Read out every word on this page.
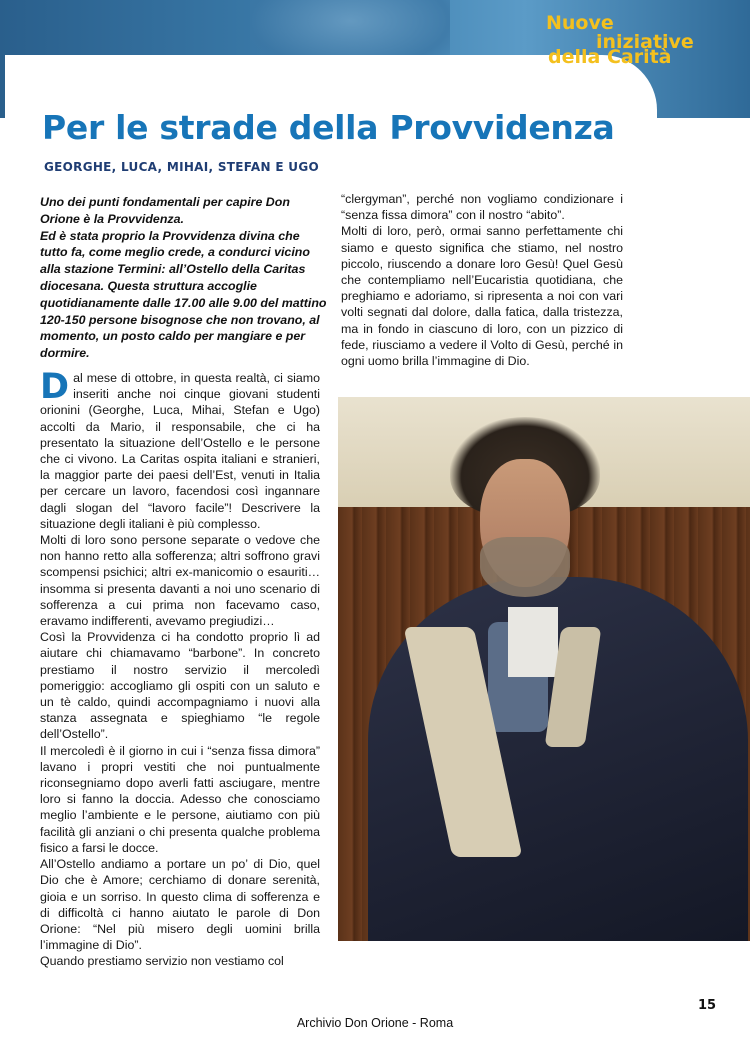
Nuove
iniziative
della Carità
Per le strade della Provvidenza
GEORGHE, LUCA, MIHAI, STEFAN E UGO

Uno dei punti fondamentali per capire Don Orione è la Provvidenza.

Ed è stata proprio la Provvidenza divina che tutto fa, come meglio crede, a condurci vicino alla stazione Termini: all’Ostello della Caritas diocesana. Questa struttura accoglie quotidianamente dalle 17.00 alle 9.00 del mattino 120-150 persone bisognose che non trovano, al momento, un posto caldo per mangiare e per dormire.

Dal mese di ottobre, in questa realtà, ci siamo inseriti anche noi cinque giovani studenti orionini (Georghe, Luca, Mihai, Stefan e Ugo) accolti da Mario, il responsabile, che ci ha presentato la situazione dell’Ostello e le persone che ci vivono. La Caritas ospita italiani e stranieri, la maggior parte dei paesi dell’Est, venuti in Italia per cercare un lavoro, facendosi così ingannare dagli slogan del “lavoro facile”! Descrivere la situazione degli italiani è più complesso.

Molti di loro sono persone separate o vedove che non hanno retto alla sofferenza; altri soffrono gravi scompensi psichici; altri ex-manicomio o esauriti… insomma si presenta davanti a noi uno scenario di sofferenza a cui prima non facevamo caso, eravamo indifferenti, avevamo pregiudizi…

Così la Provvidenza ci ha condotto proprio lì ad aiutare chi chiamavamo “barbone”. In concreto prestiamo il nostro servizio il mercoledì pomeriggio: accogliamo gli ospiti con un saluto e un tè caldo, quindi accompagniamo i nuovi alla stanza assegnata e spieghiamo “le regole dell’Ostello”.

Il mercoledì è il giorno in cui i “senza fissa dimora” lavano i propri vestiti che noi puntualmente riconsegniamo dopo averli fatti asciugare, mentre loro si fanno la doccia. Adesso che conosciamo meglio l’ambiente e le persone, aiutiamo con più facilità gli anziani o chi presenta qualche problema fisico a farsi le docce.

All’Ostello andiamo a portare un po’ di Dio, quel Dio che è Amore; cerchiamo di donare serenità, gioia e un sorriso. In questo clima di sofferenza e di difficoltà ci hanno aiutato le parole di Don Orione: “Nel più misero degli uomini brilla l’immagine di Dio”.

Quando prestiamo servizio non vestiamo col

“clergyman”, perché non vogliamo condizionare i “senza fissa dimora” con il nostro “abito”.

Molti di loro, però, ormai sanno perfettamente chi siamo e questo significa che stiamo, nel nostro piccolo, riuscendo a donare loro Gesù! Quel Gesù che contempliamo nell’Eucaristia quotidiana, che preghiamo e adoriamo, si ripresenta a noi con vari volti segnati dal dolore, dalla fatica, dalla tristezza, ma in fondo in ciascuno di loro, con un pizzico di fede, riusciamo a vedere il Volto di Gesù, perché in ogni uomo brilla l’immagine di Dio.

15
Archivio Don Orione - Roma
